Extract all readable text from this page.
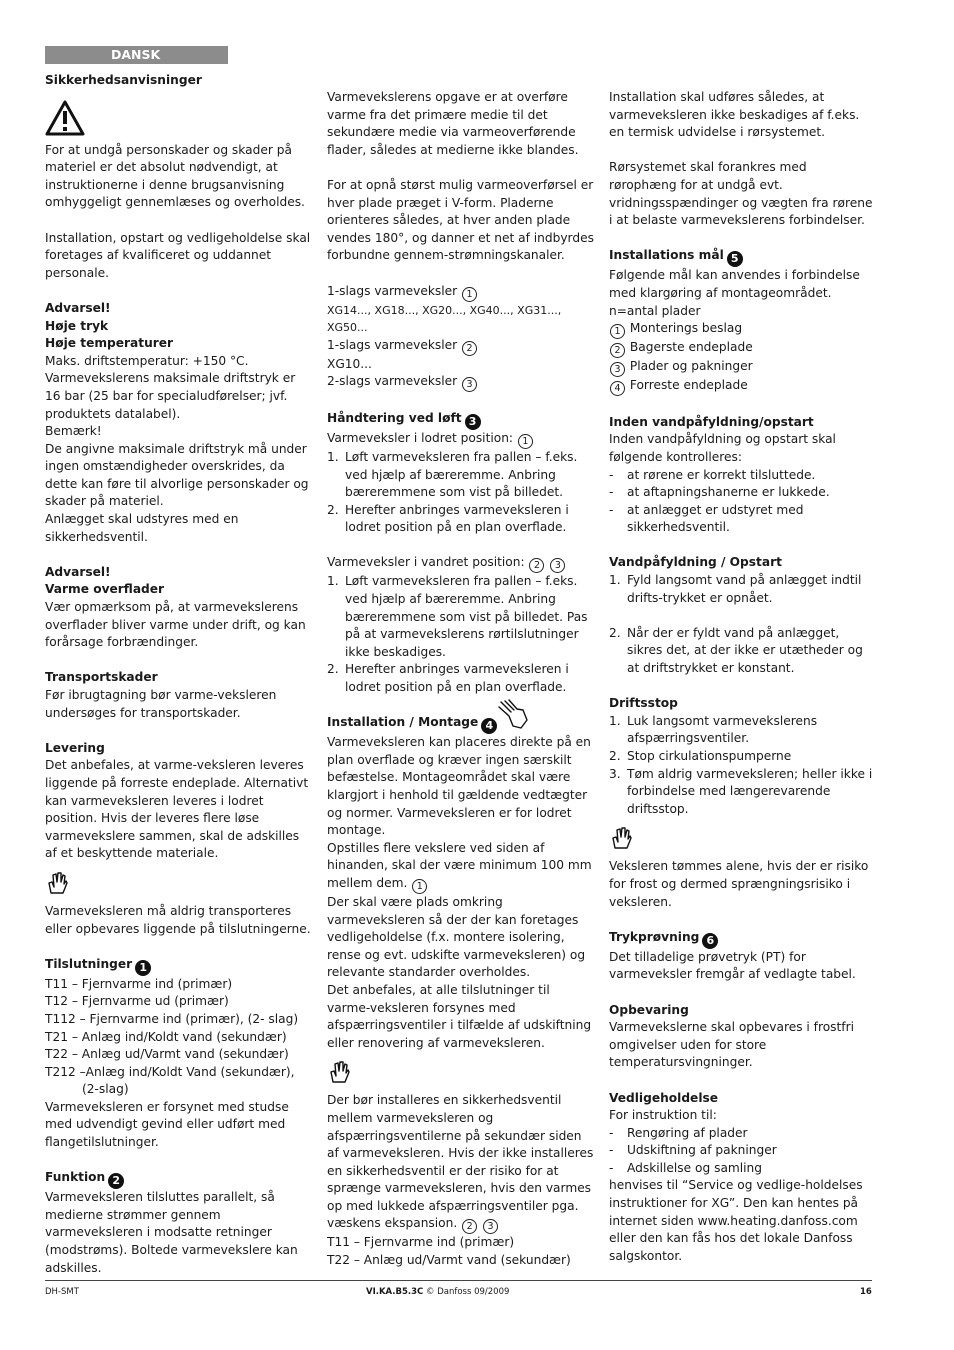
DANSK

Sikkerhedsanvisninger

For at undgå personskader og skader på materiel er det absolut nødvendigt, at instruktionerne i denne brugsanvisning omhyggeligt gennemlæses og overholdes.

Installation, opstart og vedligeholdelse skal foretages af kvalificeret og uddannet personale.

Advarsel!

Høje tryk

Høje temperaturer

Maks. driftstemperatur: +150 °C. Varmevekslerens maksimale driftstryk er 16 bar (25 bar for specialudførelser; jvf. produktets datalabel).

Bemærk!

De angivne maksimale driftstryk må under ingen omstændigheder overskrides, da dette kan føre til alvorlige personskader og skader på materiel.

Anlægget skal udstyres med en sikkerhedsventil.

Advarsel!

Varme overflader

Vær opmærksom på, at varmevekslerens overflader bliver varme under drift, og kan forårsage forbrændinger.

Transportskader

Før ibrugtagning bør varme-veksleren undersøges for transportskader.

Levering

Det anbefales, at varme-veksleren leveres liggende på forreste endeplade. Alternativt kan varmeveksleren leveres i lodret position. Hvis der leveres flere løse varmevekslere sammen, skal de adskilles af et beskyttende materiale.

Varmeveksleren må aldrig transporteres eller opbevares liggende på tilslutningerne.

Tilslutninger 1

T11 – Fjernvarme ind (primær)

T12 – Fjernvarme ud (primær)

T112 – Fjernvarme ind (primær), (2- slag)

T21 – Anlæg ind/Koldt vand (sekundær)

T22 – Anlæg ud/Varmt vand (sekundær)

T212 –Anlæg ind/Koldt Vand (sekundær),

(2-slag)

Varmeveksleren er forsynet med studse med udvendigt gevind eller udført med flangetilslutninger.

Funktion 2

Varmeveksleren tilsluttes parallelt, så medierne strømmer gennem varmeveksleren i modsatte retninger (modstrøms). Boltede varmevekslere kan adskilles.

Varmevekslerens opgave er at overføre varme fra det primære medie til det sekundære medie via varmeoverførende flader, således at medierne ikke blandes.

For at opnå størst mulig varmeoverførsel er hver plade præget i V-form. Pladerne orienteres således, at hver anden plade vendes 180°, og danner et net af indbyrdes forbundne gennem-strømningskanaler.

1-slags varmeveksler 1

XG14..., XG18..., XG20..., XG40..., XG31..., XG50...

1-slags varmeveksler 2

XG10...

2-slags varmeveksler 3

Håndtering ved løft 3

Varmeveksler i lodret position: 1

1. Løft varmeveksleren fra pallen – f.eks. ved hjælp af bæreremme. Anbring bæreremmene som vist på billedet.
2. Herefter anbringes varmeveksleren i lodret position på en plan overflade.

Varmeveksler i vandret position: 2 3

1. Løft varmeveksleren fra pallen – f.eks. ved hjælp af bæreremme. Anbring bæreremmene som vist på billedet. Pas på at varmevekslerens rørtilslutninger ikke beskadiges.
2. Herefter anbringes varmeveksleren i lodret position på en plan overflade.

Installation / Montage 4

Varmeveksleren kan placeres direkte på en plan overflade og kræver ingen særskilt befæstelse. Montageområdet skal være klargjort i henhold til gældende vedtægter og normer. Varmeveksleren er for lodret montage.

Opstilles flere vekslere ved siden af hinanden, skal der være minimum 100 mm mellem dem. 1

Der skal være plads omkring varmeveksleren så der der kan foretages vedligeholdelse (f.x. montere isolering, rense og evt. udskifte varmeveksleren) og relevante standarder overholdes.

Det anbefales, at alle tilslutninger til varme-veksleren forsynes med afspærringsventiler i tilfælde af udskiftning eller renovering af varmeveksleren.

Der bør installeres en sikkerhedsventil mellem varmeveksleren og afspærringsventilerne på sekundær siden af varmeveksleren. Hvis der ikke installeres en sikkerhedsventil er der risiko for at sprænge varmeveksleren, hvis den varmes op med lukkede afspærringsventiler pga. væskens ekspansion. 2 3

T11 – Fjernvarme ind (primær)

T22 – Anlæg ud/Varmt vand (sekundær)

Installation skal udføres således, at varmeveksleren ikke beskadiges af f.eks. en termisk udvidelse i rørsystemet.

Rørsystemet skal forankres med rørophæng for at undgå evt. vridningsspændinger og vægten fra rørene i at belaste varmevekslerens forbindelser.

Installations mål 5

Følgende mål kan anvendes i forbindelse med klargøring af montageområdet.

n=antal plader

1 Monterings beslag

2 Bagerste endeplade

3 Plader og pakninger

4 Forreste endeplade

Inden vandpåfyldning/opstart

Inden vandpåfyldning og opstart skal følgende kontrolleres:

- at rørene er korrekt tilsluttede.
- at aftapningshanerne er lukkede.
- at anlægget er udstyret med sikkerhedsventil.

Vandpåfyldning / Opstart

1. Fyld langsomt vand på anlægget indtil drifts-trykket er opnået.
2. Når der er fyldt vand på anlægget, sikres det, at der ikke er utætheder og at driftstrykket er konstant.

Driftsstop

1. Luk langsomt varmevekslerens afspærringsventiler.
2. Stop cirkulationspumperne
3. Tøm aldrig varmeveksleren; heller ikke i forbindelse med længerevarende driftsstop.

Veksleren tømmes alene, hvis der er risiko for frost og dermed sprængningsrisiko i veksleren.

Trykprøvning 6

Det tilladelige prøvetryk (PT) for varmeveksler fremgår af vedlagte tabel.

Opbevaring

Varmevekslerne skal opbevares i frostfri omgivelser uden for store temperatursvingninger.

Vedligeholdelse

For instruktion til:

- Rengøring af plader
- Udskiftning af pakninger
- Adskillelse og samling

henvises til “Service og vedlige-holdelses instruktioner for XG”. Den kan hentes på internet siden www.heating.danfoss.com eller den kan fås hos det lokale Danfoss salgskontor.

DH-SMT	VI.KA.B5.3C © Danfoss 09/2009	16
